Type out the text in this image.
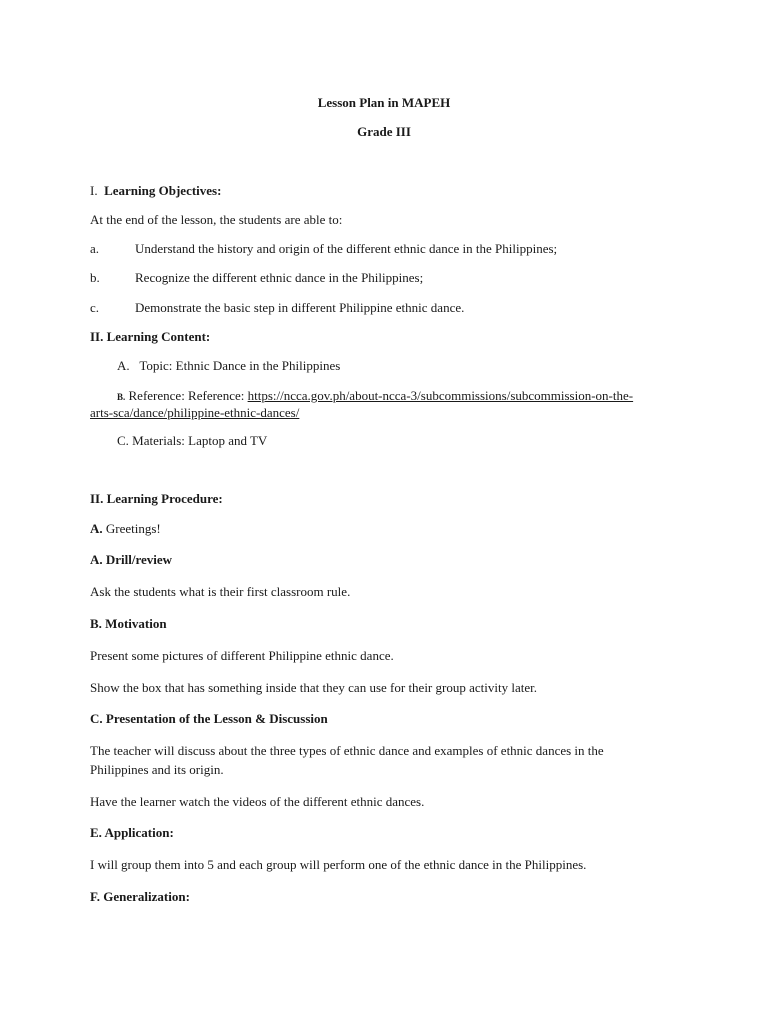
Lesson Plan in MAPEH
Grade III
I. Learning Objectives:
At the end of the lesson, the students are able to:
a.	Understand the history and origin of the different ethnic dance in the Philippines;
b.	Recognize the different ethnic dance in the Philippines;
c.	Demonstrate the basic step in different Philippine ethnic dance.
II. Learning Content:
A. Topic: Ethnic Dance in the Philippines
B. Reference: Reference: https://ncca.gov.ph/about-ncca-3/subcommissions/subcommission-on-the-
arts-sca/dance/philippine-ethnic-dances/
C. Materials: Laptop and TV
II. Learning Procedure:
A. Greetings!
A. Drill/review
Ask the students what is their first classroom rule.
B. Motivation
Present some pictures of different Philippine ethnic dance.
Show the box that has something inside that they can use for their group activity later.
C. Presentation of the Lesson & Discussion
The teacher will discuss about the three types of ethnic dance and examples of ethnic dances in the
Philippines and its origin.
Have the learner watch the videos of the different ethnic dances.
E. Application:
I will group them into 5 and each group will perform one of the ethnic dance in the Philippines.
F. Generalization:
